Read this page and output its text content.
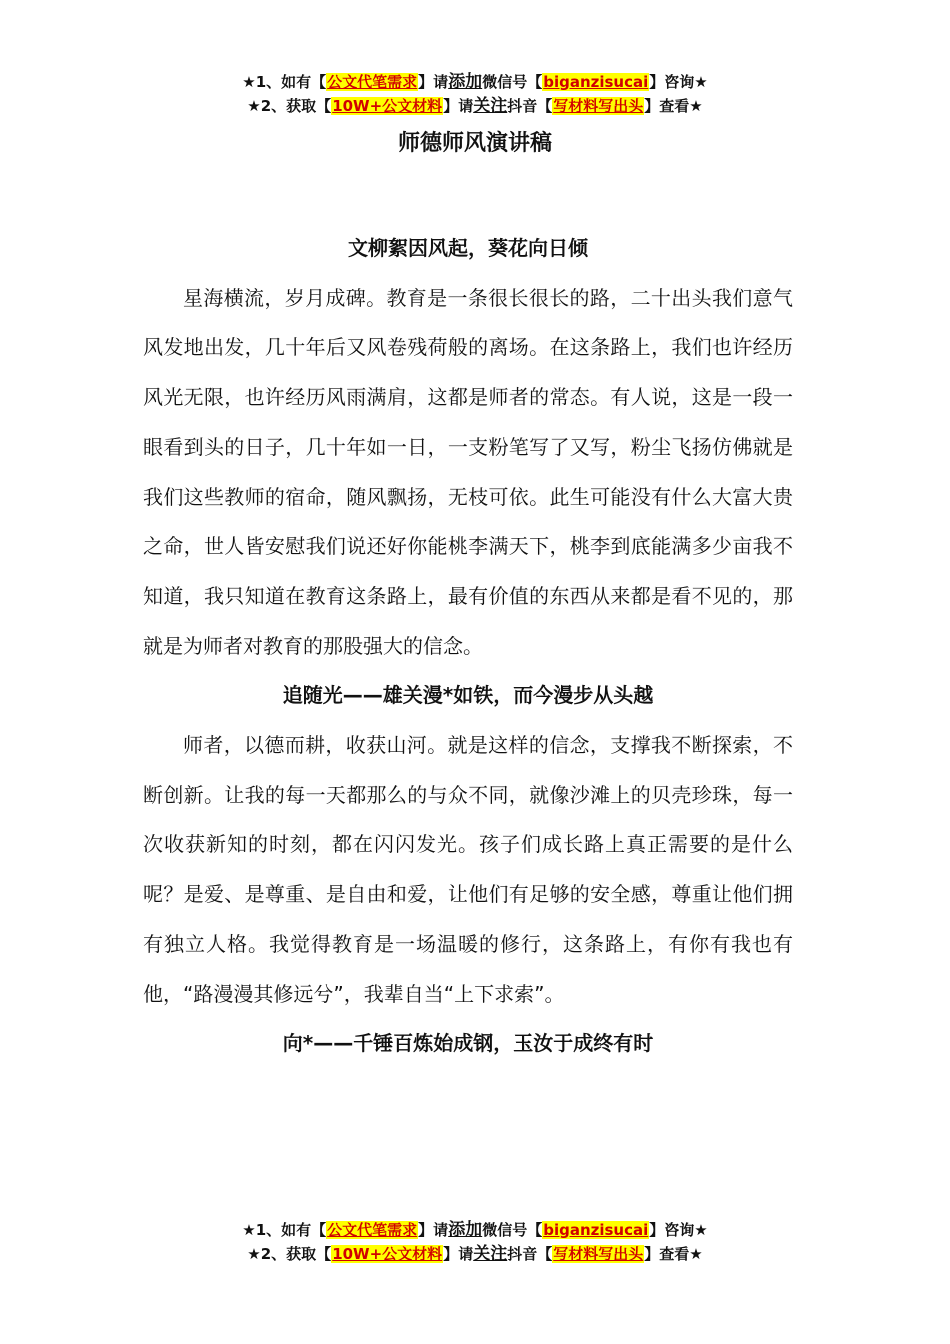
★1、如有【公文代笔需求】请添加微信号【biganzisucai】咨询★
★2、获取【10W+公文材料】请关注抖音【写材料写出头】查看★
师德师风演讲稿

文柳絮因风起，葵花向日倾

星海横流，岁月成碑。教育是一条很长很长的路，二十出头我们意气风发地出发，几十年后又风卷残荷般的离场。在这条路上，我们也许经历风光无限，也许经历风雨满肩，这都是师者的常态。有人说，这是一段一眼看到头的日子，几十年如一日，一支粉笔写了又写，粉尘飞扬仿佛就是我们这些教师的宿命，随风飘扬，无枝可依。此生可能没有什么大富大贵之命，世人皆安慰我们说还好你能桃李满天下，桃李到底能满多少亩我不知道，我只知道在教育这条路上，最有价值的东西从来都是看不见的，那就是为师者对教育的那股强大的信念。

追随光——雄关漫*如铁，而今漫步从头越

师者，以德而耕，收获山河。就是这样的信念，支撑我不断探索，不断创新。让我的每一天都那么的与众不同，就像沙滩上的贝壳珍珠，每一次收获新知的时刻，都在闪闪发光。孩子们成长路上真正需要的是什么呢？是爱、是尊重、是自由和爱，让他们有足够的安全感，尊重让他们拥有独立人格。我觉得教育是一场温暖的修行，这条路上，有你有我也有他，“路漫漫其修远兮”，我辈自当“上下求索”。

向*——千锤百炼始成钢，玉汝于成终有时

★1、如有【公文代笔需求】请添加微信号【biganzisucai】咨询★
★2、获取【10W+公文材料】请关注抖音【写材料写出头】查看★
